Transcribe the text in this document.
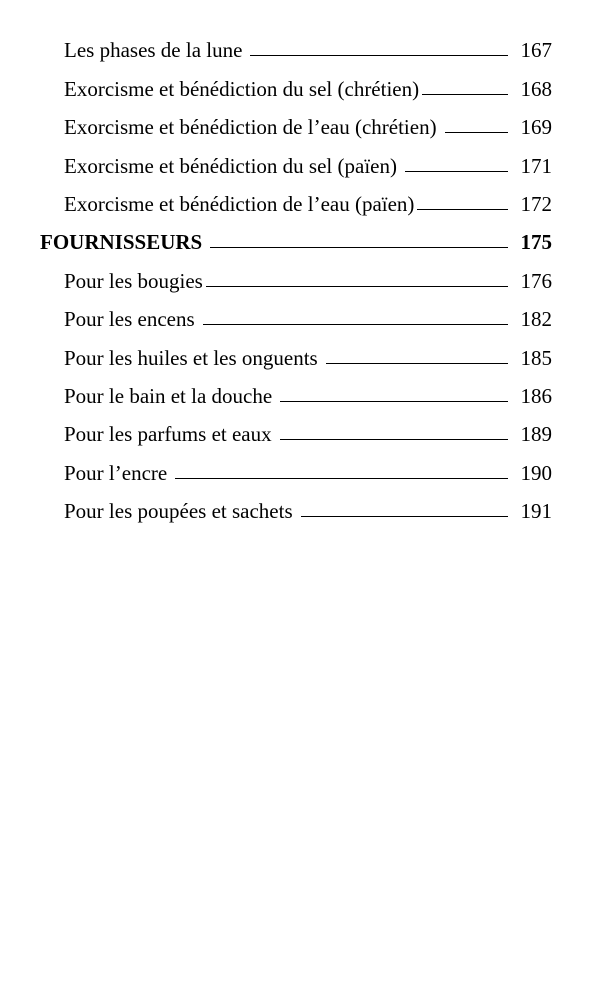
Les phases de la lune	167
Exorcisme et bénédiction du sel (chrétien)	168
Exorcisme et bénédiction de l’eau (chrétien)	169
Exorcisme et bénédiction du sel (païen)	171
Exorcisme et bénédiction de l’eau (païen)	172
FOURNISSEURS	175
Pour les bougies	176
Pour les encens	182
Pour les huiles et les onguents	185
Pour le bain et la douche	186
Pour les parfums et eaux	189
Pour l’encre	190
Pour les poupées et sachets	191
